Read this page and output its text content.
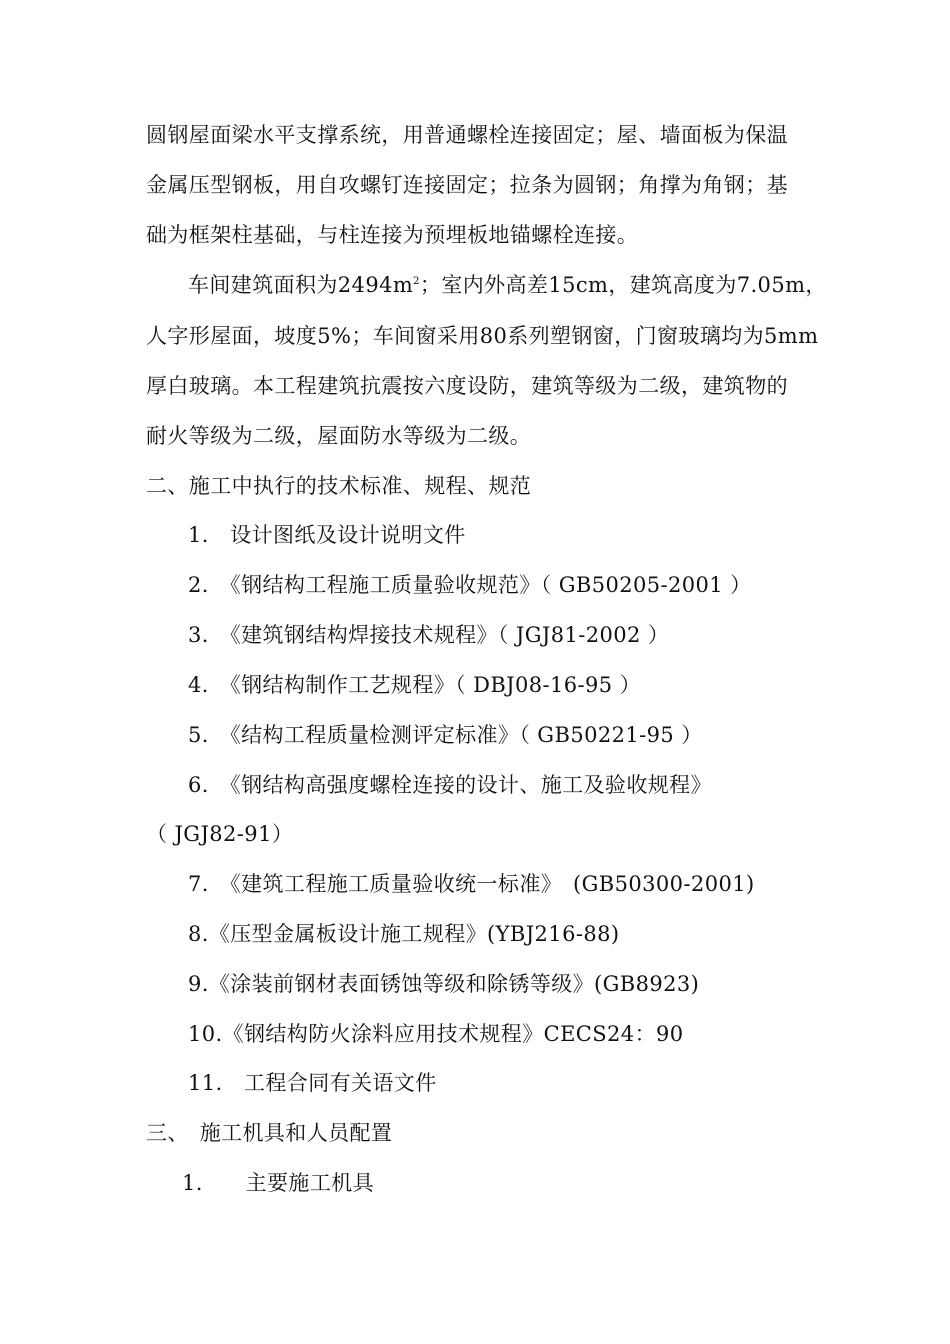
圆钢屋面梁水平支撑系统，用普通螺栓连接固定；屋、墙面板为保温
金属压型钢板，用自攻螺钉连接固定；拉条为圆钢；角撑为角钢；基
础为框架柱基础，与柱连接为预埋板地锚螺栓连接。
车间建筑面积为$2494m^2$；室内外高差15cm，建筑高度为7.05m，
人字形屋面，坡度5%；车间窗采用80系列塑钢窗，门窗玻璃均为5mm
厚白玻璃。本工程建筑抗震按六度设防，建筑等级为二级，建筑物的
耐火等级为二级，屋面防水等级为二级。
二、施工中执行的技术标准、规程、规范
1.　设计图纸及设计说明文件
2.　《钢结构工程施工质量验收规范》（ GB50205-2001 ）
3.　《建筑钢结构焊接技术规程》（ JGJ81-2002 ）
4.　《钢结构制作工艺规程》（ DBJ08-16-95 ）
5.　《结构工程质量检测评定标准》（ GB50221-95 ）
6.　《钢结构高强度螺栓连接的设计、施工及验收规程》
（ JGJ82-91）
7.　《建筑工程施工质量验收统一标准》　(GB50300-2001)
8.《压型金属板设计施工规程》(YBJ216-88)
9.《涂装前钢材表面锈蚀等级和除锈等级》(GB8923)
10.《钢结构防火涂料应用技术规程》CECS24：90
11.　工程合同有关语文件
三、　施工机具和人员配置
1.　　主要施工机具
